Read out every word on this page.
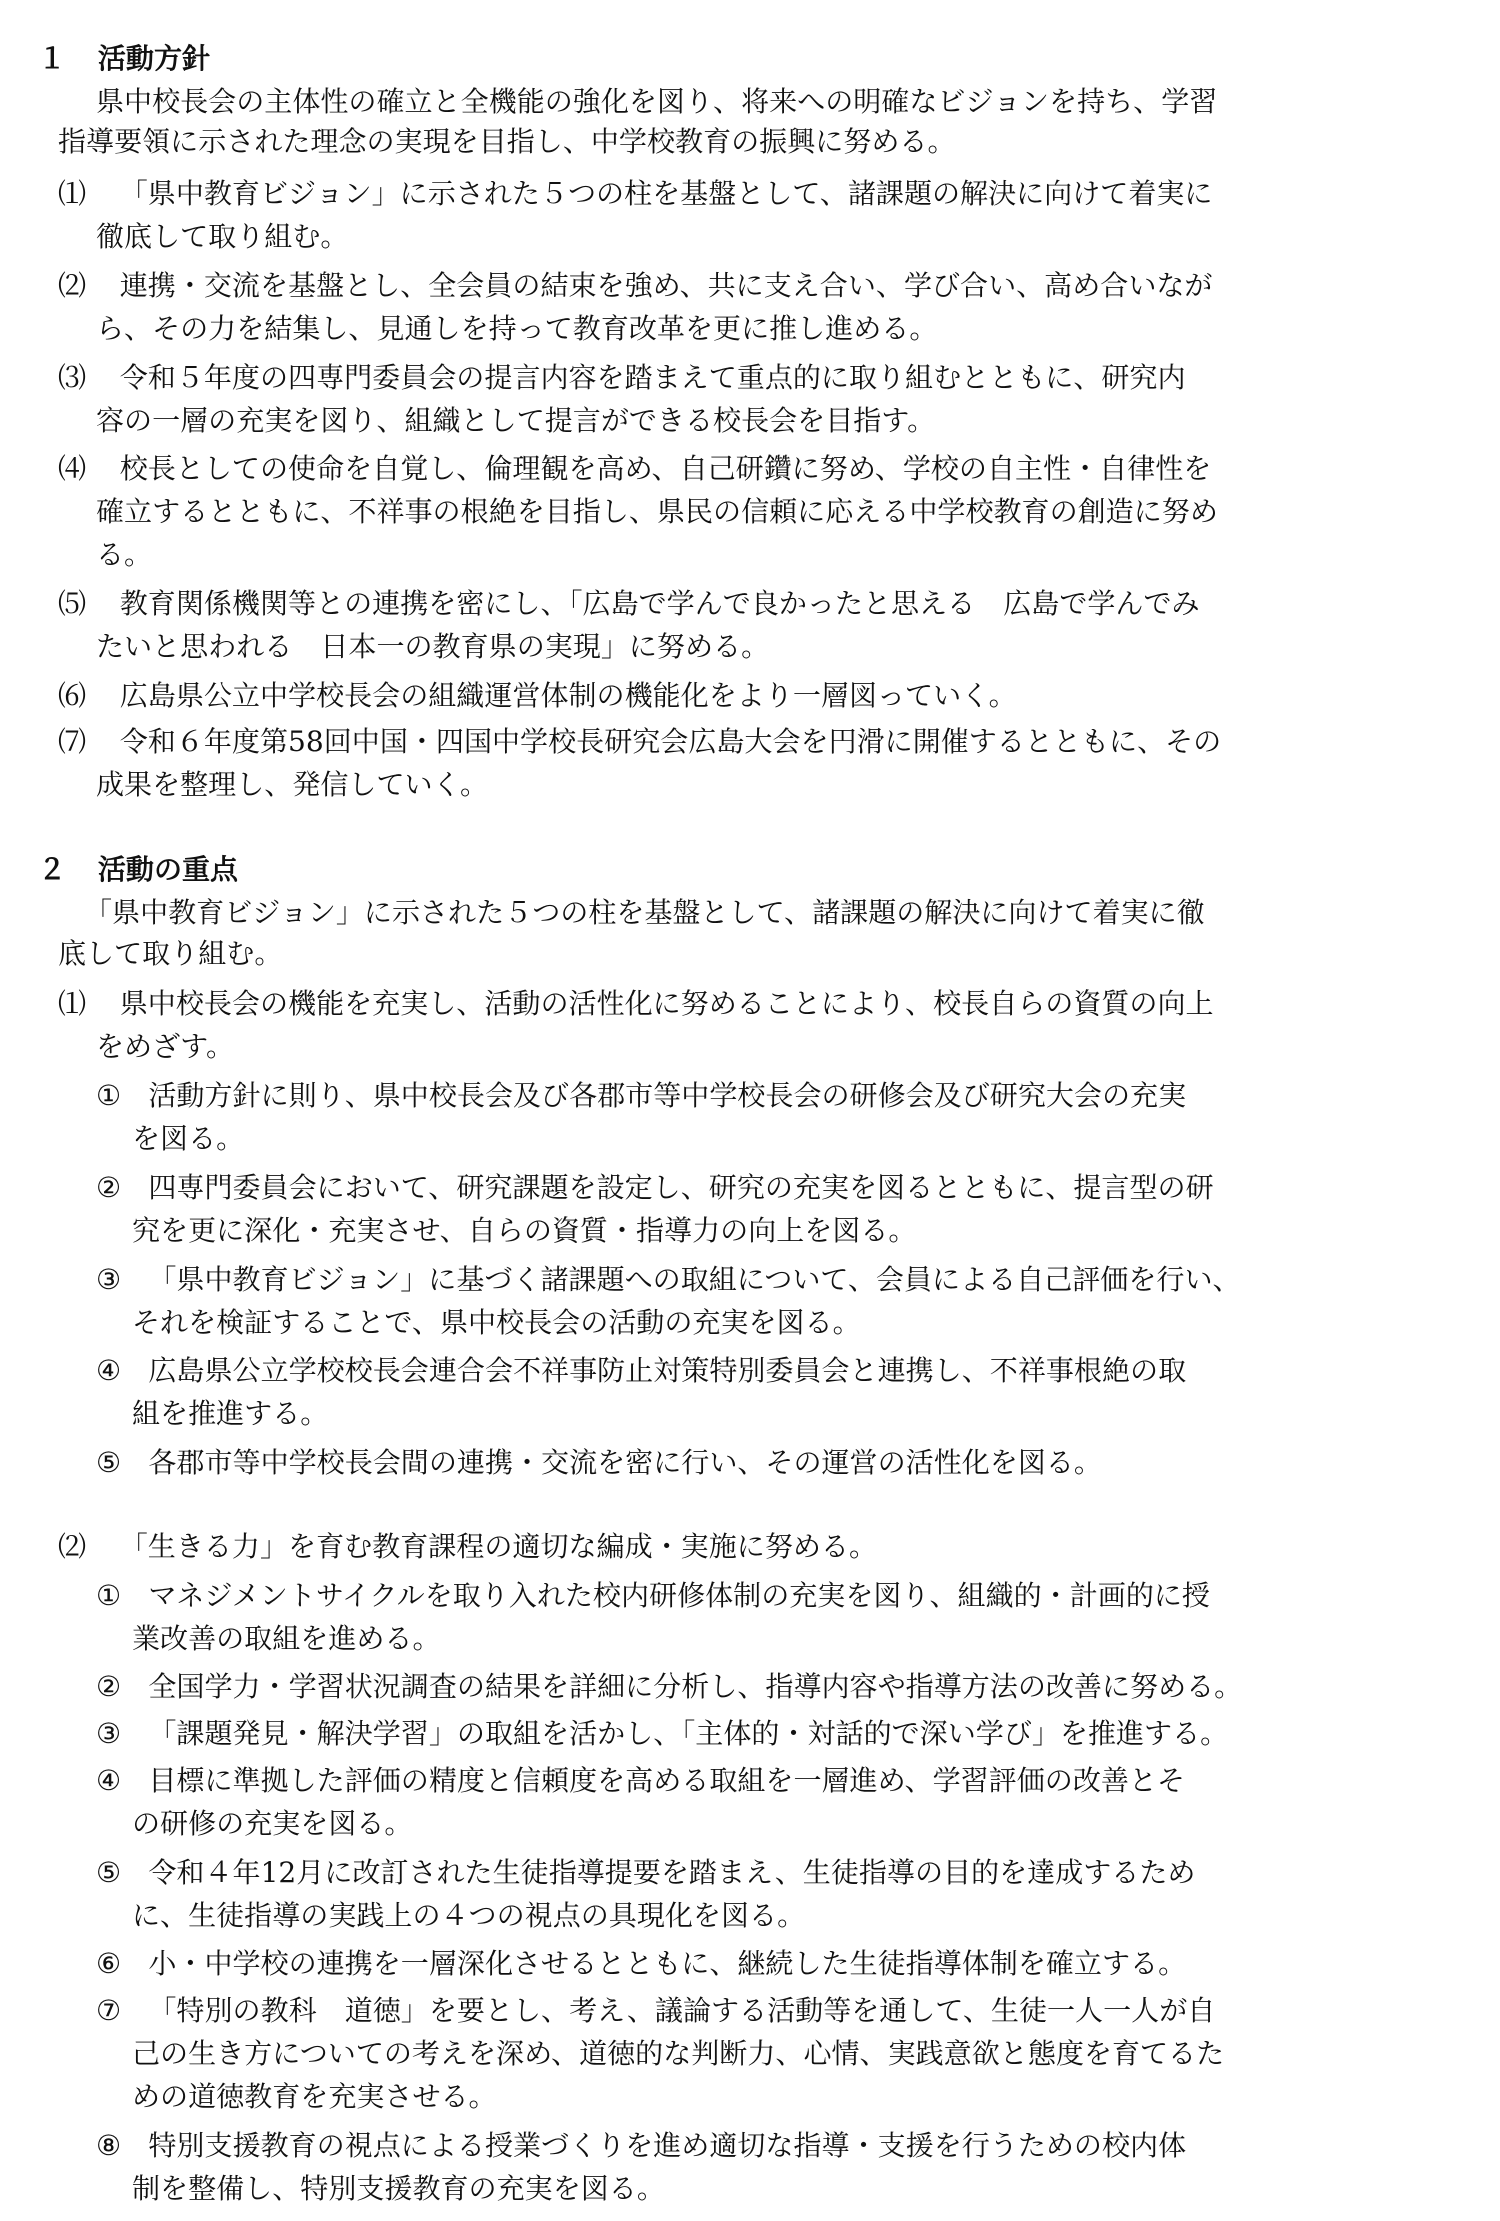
１ 活動方針

県中校長会の主体性の確立と全機能の強化を図り、将来への明確なビジョンを持ち、学習

指導要領に示された理念の実現を目指し、中学校教育の振興に努める。

⑴ 「県中教育ビジョン」に示された５つの柱を基盤として、諸課題の解決に向けて着実に

徹底して取り組む。

⑵ 連携・交流を基盤とし、全会員の結束を強め、共に支え合い、学び合い、高め合いなが

ら、その力を結集し、見通しを持って教育改革を更に推し進める。

⑶ 令和５年度の四専門委員会の提言内容を踏まえて重点的に取り組むとともに、研究内

容の一層の充実を図り、組織として提言ができる校長会を目指す。

⑷ 校長としての使命を自覚し、倫理観を高め、自己研鑽に努め、学校の自主性・自律性を

確立するとともに、不祥事の根絶を目指し、県民の信頼に応える中学校教育の創造に努め

る。

⑸ 教育関係機関等との連携を密にし、「広島で学んで良かったと思える　広島で学んでみ

たいと思われる　日本一の教育県の実現」に努める。

⑹ 広島県公立中学校長会の組織運営体制の機能化をより一層図っていく。
⑺ 令和６年度第58回中国・四国中学校長研究会広島大会を円滑に開催するとともに、その

成果を整理し、発信していく。

２ 活動の重点

「県中教育ビジョン」に示された５つの柱を基盤として、諸課題の解決に向けて着実に徹

底して取り組む。

⑴ 県中校長会の機能を充実し、活動の活性化に努めることにより、校長自らの資質の向上

をめざす。

① 活動方針に則り、県中校長会及び各郡市等中学校長会の研修会及び研究大会の充実

を図る。

② 四専門委員会において、研究課題を設定し、研究の充実を図るとともに、提言型の研

究を更に深化・充実させ、自らの資質・指導力の向上を図る。

③ 「県中教育ビジョン」に基づく諸課題への取組について、会員による自己評価を行い、

それを検証することで、県中校長会の活動の充実を図る。

④ 広島県公立学校校長会連合会不祥事防止対策特別委員会と連携し、不祥事根絶の取

組を推進する。

⑤ 各郡市等中学校長会間の連携・交流を密に行い、その運営の活性化を図る。
⑵ 「生きる力」を育む教育課程の適切な編成・実施に努める。
① マネジメントサイクルを取り入れた校内研修体制の充実を図り、組織的・計画的に授

業改善の取組を進める。

② 全国学力・学習状況調査の結果を詳細に分析し、指導内容や指導方法の改善に努める。
③ 「課題発見・解決学習」の取組を活かし、「主体的・対話的で深い学び」を推進する。
④ 目標に準拠した評価の精度と信頼度を高める取組を一層進め、学習評価の改善とそ

の研修の充実を図る。

⑤ 令和４年12月に改訂された生徒指導提要を踏まえ、生徒指導の目的を達成するため

に、生徒指導の実践上の４つの視点の具現化を図る。

⑥ 小・中学校の連携を一層深化させるとともに、継続した生徒指導体制を確立する。
⑦ 「特別の教科　道徳」を要とし、考え、議論する活動等を通して、生徒一人一人が自

己の生き方についての考えを深め、道徳的な判断力、心情、実践意欲と態度を育てるた

めの道徳教育を充実させる。

⑧ 特別支援教育の視点による授業づくりを進め適切な指導・支援を行うための校内体

制を整備し、特別支援教育の充実を図る。
